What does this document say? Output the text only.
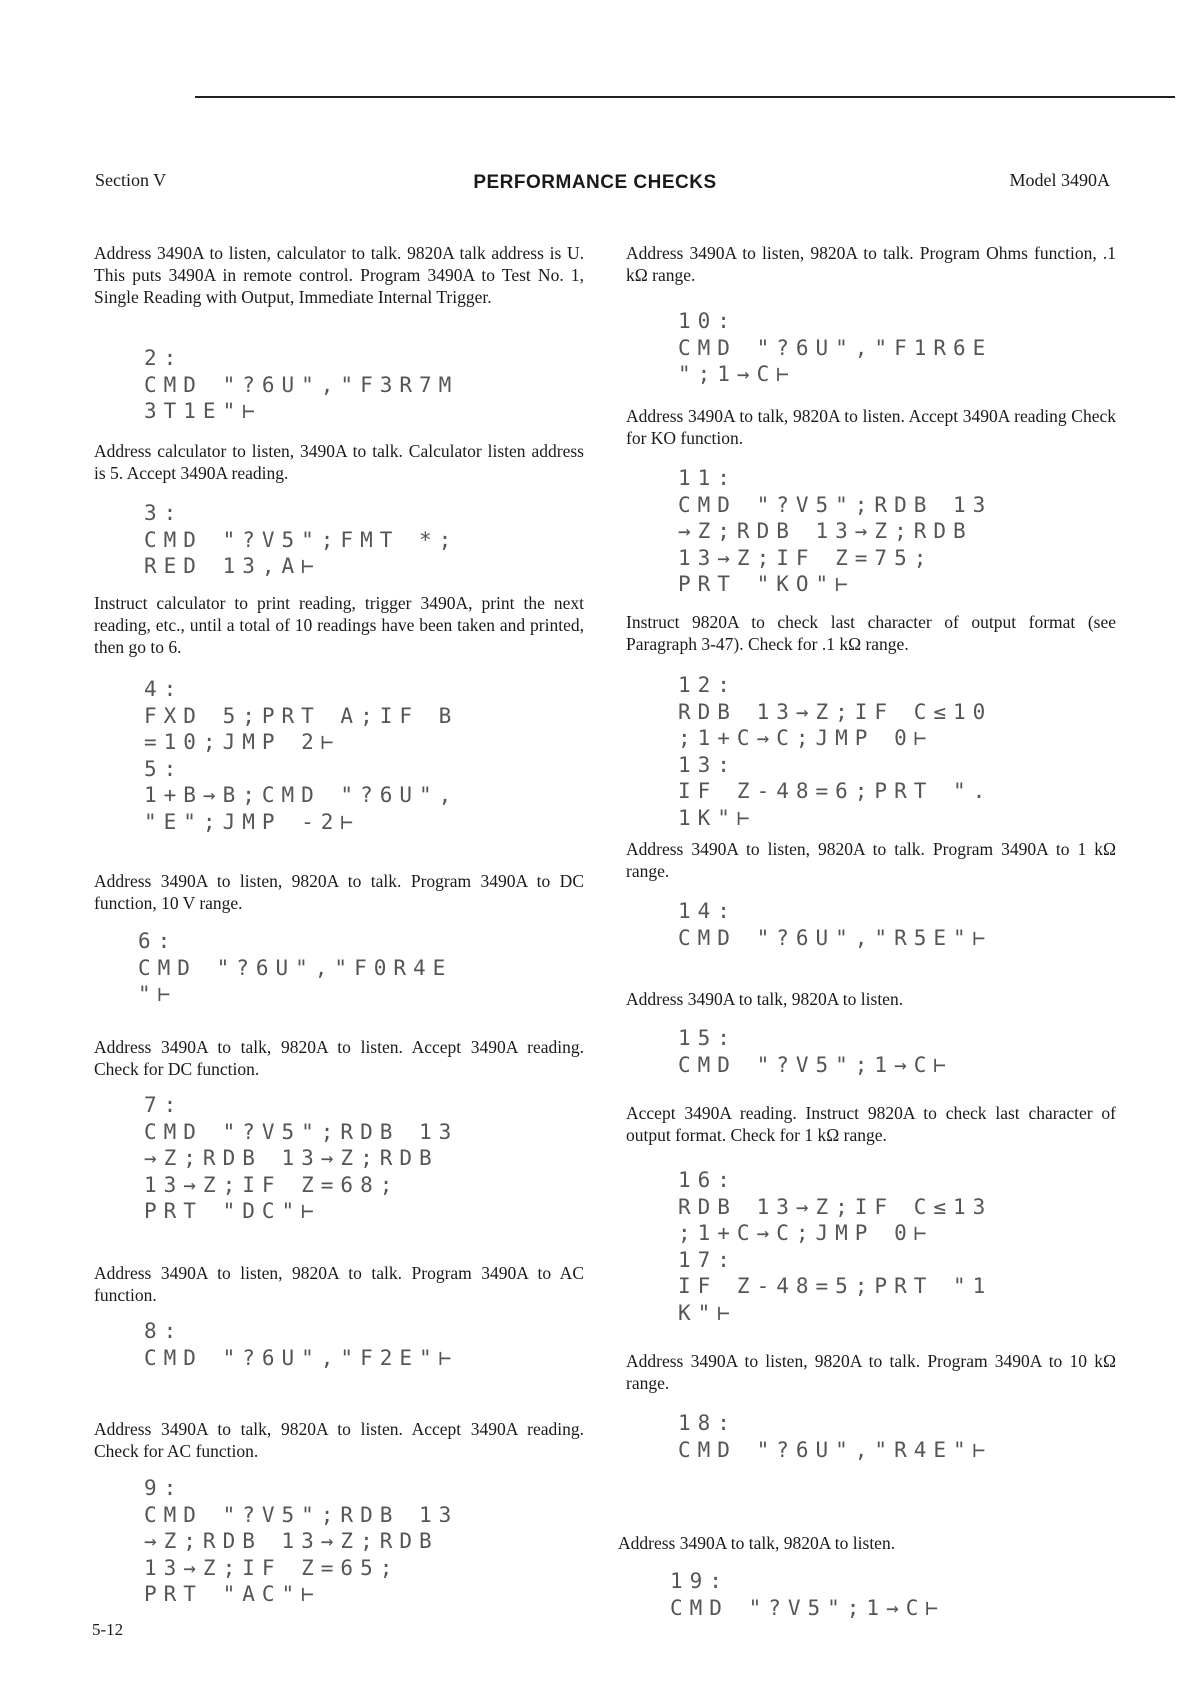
Section V	PERFORMANCE CHECKS	Model 3490A

Address 3490A to listen, calculator to talk. 9820A talk address is U. This puts 3490A in remote control. Program 3490A to Test No. 1, Single Reading with Output, Immediate Internal Trigger.

2:
CMD "?6U","F3R7M
3T1E"⊢

Address calculator to listen, 3490A to talk. Calculator listen address is 5. Accept 3490A reading.

3:
CMD "?V5";FMT *;
RED 13,A⊢

Instruct calculator to print reading, trigger 3490A, print the next reading, etc., until a total of 10 readings have been taken and printed, then go to 6.

4:
FXD 5;PRT A;IF B
=10;JMP 2⊢
5:
1+B→B;CMD "?6U",
"E";JMP -2⊢

Address 3490A to listen, 9820A to talk. Program 3490A to DC function, 10 V range.

6:
CMD "?6U","F0R4E
"⊢

Address 3490A to talk, 9820A to listen. Accept 3490A reading. Check for DC function.

7:
CMD "?V5";RDB 13
→Z;RDB 13→Z;RDB
13→Z;IF Z=68;
PRT "DC"⊢

Address 3490A to listen, 9820A to talk. Program 3490A to AC function.

8:
CMD "?6U","F2E"⊢

Address 3490A to talk, 9820A to listen. Accept 3490A reading. Check for AC function.

9:
CMD "?V5";RDB 13
→Z;RDB 13→Z;RDB
13→Z;IF Z=65;
PRT "AC"⊢

Address 3490A to listen, 9820A to talk. Program Ohms function, .1 kΩ range.

10:
CMD "?6U","F1R6E
";1→C⊢

Address 3490A to talk, 9820A to listen. Accept 3490A reading Check for KO function.

11:
CMD "?V5";RDB 13
→Z;RDB 13→Z;RDB
13→Z;IF Z=75;
PRT "KO"⊢

Instruct 9820A to check last character of output format (see Paragraph 3-47). Check for .1 kΩ range.

12:
RDB 13→Z;IF C≤10
;1+C→C;JMP 0⊢
13:
IF Z-48=6;PRT ".
1K"⊢

Address 3490A to listen, 9820A to talk. Program 3490A to 1 kΩ range.

14:
CMD "?6U","R5E"⊢

Address 3490A to talk, 9820A to listen.

15:
CMD "?V5";1→C⊢

Accept 3490A reading. Instruct 9820A to check last character of output format. Check for 1 kΩ range.

16:
RDB 13→Z;IF C≤13
;1+C→C;JMP 0⊢
17:
IF Z-48=5;PRT "1
K"⊢

Address 3490A to listen, 9820A to talk. Program 3490A to 10 kΩ range.

18:
CMD "?6U","R4E"⊢

Address 3490A to talk, 9820A to listen.

19:
CMD "?V5";1→C⊢
5-12
